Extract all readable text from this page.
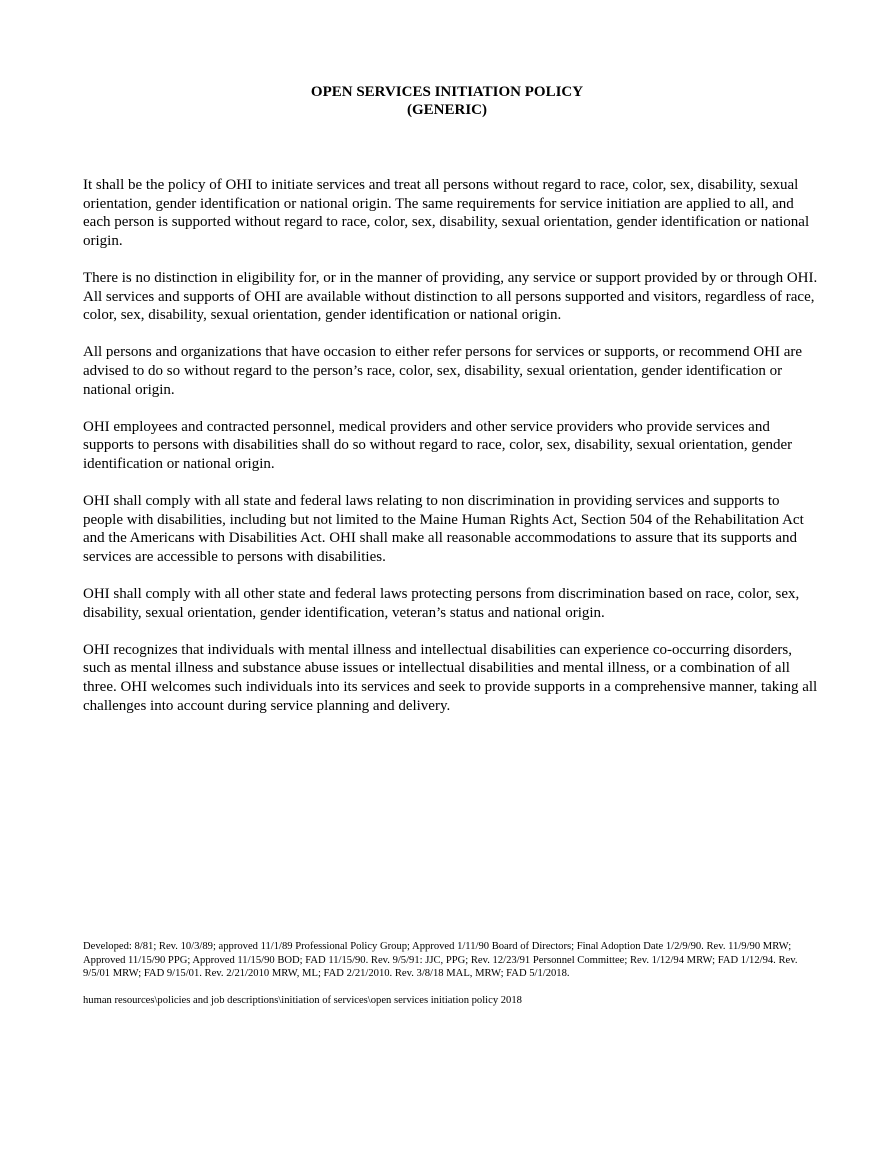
OPEN SERVICES INITIATION POLICY
(GENERIC)

It shall be the policy of OHI to initiate services and treat all persons without regard to race, color, sex, disability, sexual orientation, gender identification or national origin. The same requirements for service initiation are applied to all, and each person is supported without regard to race, color, sex, disability, sexual orientation, gender identification or national origin.

There is no distinction in eligibility for, or in the manner of providing, any service or support provided by or through OHI. All services and supports of OHI are available without distinction to all persons supported and visitors, regardless of race, color, sex, disability, sexual orientation, gender identification or national origin.

All persons and organizations that have occasion to either refer persons for services or supports, or recommend OHI are advised to do so without regard to the person’s race, color, sex, disability, sexual orientation, gender identification or national origin.

OHI employees and contracted personnel, medical providers and other service providers who provide services and supports to persons with disabilities shall do so without regard to race, color, sex, disability, sexual orientation, gender identification or national origin.

OHI shall comply with all state and federal laws relating to non discrimination in providing services and supports to people with disabilities, including but not limited to the Maine Human Rights Act, Section 504 of the Rehabilitation Act and the Americans with Disabilities Act. OHI shall make all reasonable accommodations to assure that its supports and services are accessible to persons with disabilities.

OHI shall comply with all other state and federal laws protecting persons from discrimination based on race, color, sex, disability, sexual orientation, gender identification, veteran’s status and national origin.

OHI recognizes that individuals with mental illness and intellectual disabilities can experience co-occurring disorders, such as mental illness and substance abuse issues or intellectual disabilities and mental illness, or a combination of all three. OHI welcomes such individuals into its services and seek to provide supports in a comprehensive manner, taking all challenges into account during service planning and delivery.

Developed: 8/81; Rev. 10/3/89; approved 11/1/89 Professional Policy Group; Approved 1/11/90 Board of Directors; Final Adoption Date 1/2/9/90. Rev. 11/9/90 MRW; Approved 11/15/90 PPG; Approved 11/15/90 BOD; FAD 11/15/90. Rev. 9/5/91: JJC, PPG; Rev. 12/23/91 Personnel Committee; Rev. 1/12/94 MRW; FAD 1/12/94. Rev. 9/5/01 MRW; FAD 9/15/01. Rev. 2/21/2010 MRW, ML; FAD 2/21/2010. Rev. 3/8/18 MAL, MRW; FAD 5/1/2018.

human resources\policies and job descriptions\initiation of services\open services initiation policy 2018
